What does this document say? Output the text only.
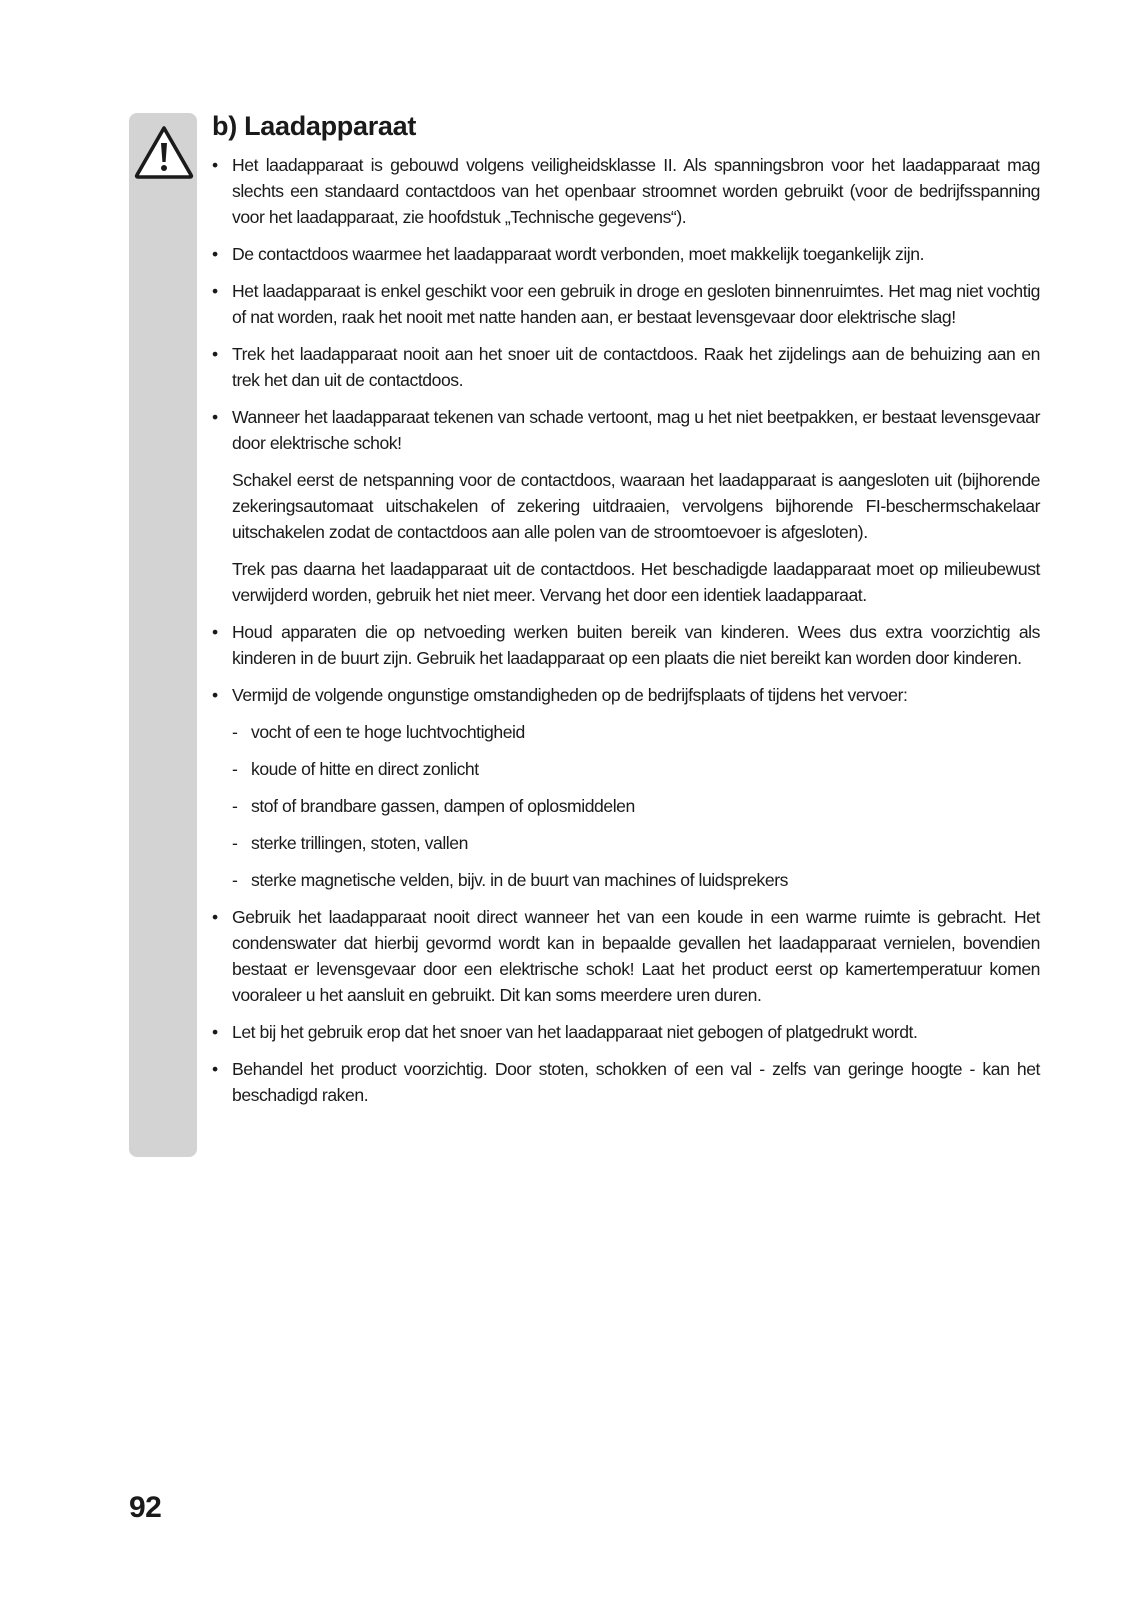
b) Laadapparaat
• Het laadapparaat is gebouwd volgens veiligheidsklasse II. Als spanningsbron voor het laadapparaat mag slechts een standaard contactdoos van het openbaar stroomnet worden gebruikt (voor de bedrijfsspanning voor het laadapparaat, zie hoofdstuk „Technische gegevens“).
• De contactdoos waarmee het laadapparaat wordt verbonden, moet makkelijk toegankelijk zijn.
• Het laadapparaat is enkel geschikt voor een gebruik in droge en gesloten binnenruimtes. Het mag niet vochtig of nat worden, raak het nooit met natte handen aan, er bestaat levensgevaar door elektrische slag!
• Trek het laadapparaat nooit aan het snoer uit de contactdoos. Raak het zijdelings aan de behuizing aan en trek het dan uit de contactdoos.
• Wanneer het laadapparaat tekenen van schade vertoont, mag u het niet beetpakken, er bestaat levensgevaar door elektrische schok!
Schakel eerst de netspanning voor de contactdoos, waaraan het laadapparaat is aangesloten uit (bijhorende zekeringsautomaat uitschakelen of zekering uitdraaien, vervolgens bijhorende FI-beschermschakelaar uitschakelen zodat de contactdoos aan alle polen van de stroomtoevoer is afgesloten).
Trek pas daarna het laadapparaat uit de contactdoos. Het beschadigde laadapparaat moet op milieubewust verwijderd worden, gebruik het niet meer. Vervang het door een identiek laadapparaat.
• Houd apparaten die op netvoeding werken buiten bereik van kinderen. Wees dus extra voorzichtig als kinderen in de buurt zijn. Gebruik het laadapparaat op een plaats die niet bereikt kan worden door kinderen.
• Vermijd de volgende ongunstige omstandigheden op de bedrijfsplaats of tijdens het vervoer:
- vocht of een te hoge luchtvochtigheid
- koude of hitte en direct zonlicht
- stof of brandbare gassen, dampen of oplosmiddelen
- sterke trillingen, stoten, vallen
- sterke magnetische velden, bijv. in de buurt van machines of luidsprekers
• Gebruik het laadapparaat nooit direct wanneer het van een koude in een warme ruimte is gebracht. Het condenswater dat hierbij gevormd wordt kan in bepaalde gevallen het laadapparaat vernielen, bovendien bestaat er levensgevaar door een elektrische schok! Laat het product eerst op kamertemperatuur komen vooraleer u het aansluit en gebruikt. Dit kan soms meerdere uren duren.
• Let bij het gebruik erop dat het snoer van het laadapparaat niet gebogen of platgedrukt wordt.
• Behandel het product voorzichtig. Door stoten, schokken of een val - zelfs van geringe hoogte - kan het beschadigd raken.
92
